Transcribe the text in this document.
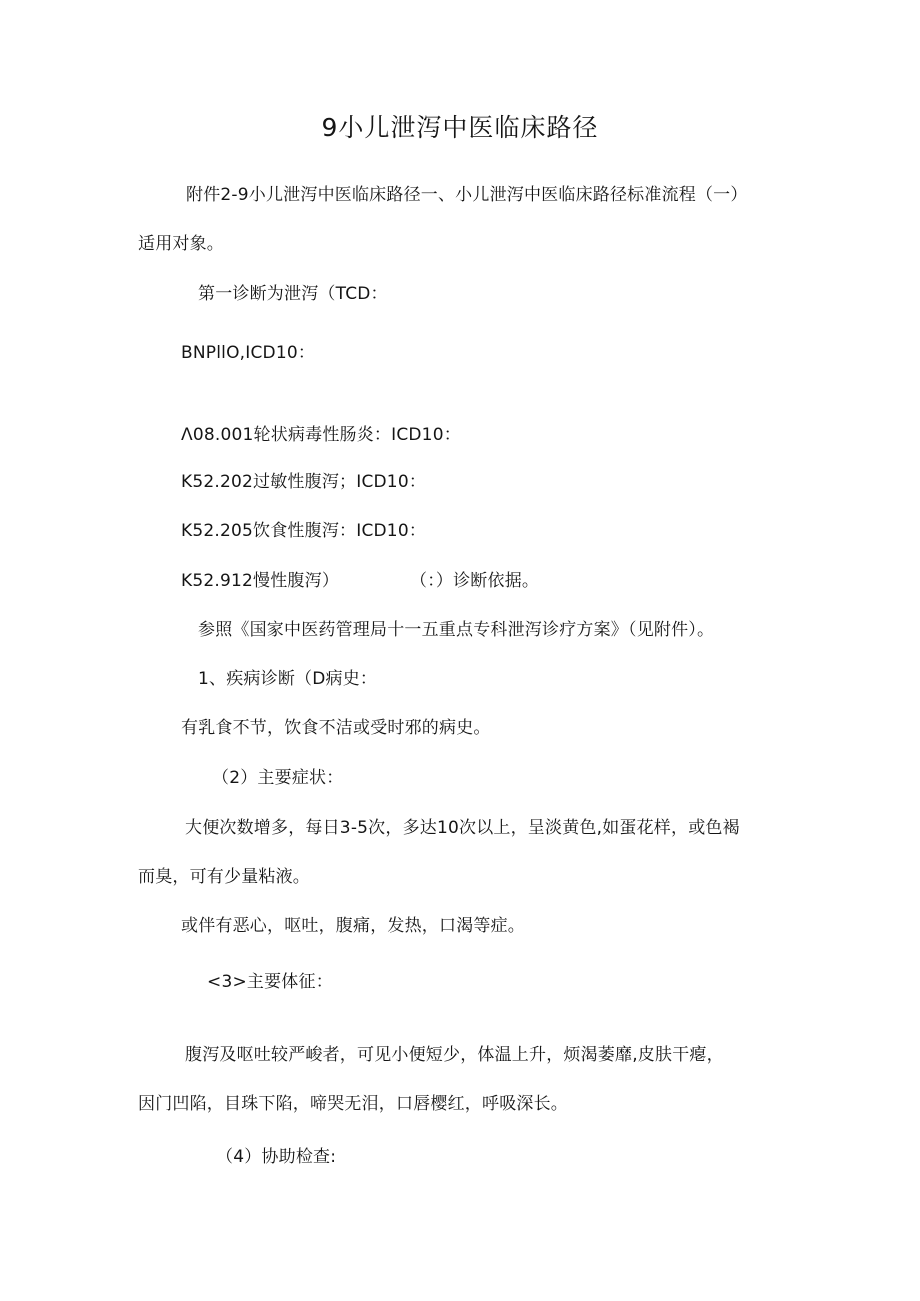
9小儿泄泻中医临床路径
附件2-9小儿泄泻中医临床路径一、小儿泄泻中医临床路径标准流程（一）
适用对象。
第一诊断为泄泻（TCD：
BNPllO,ICD10：
Λ08.001轮状病毒性肠炎：ICD10：
K52.202过敏性腹泻；ICD10：
K52.205饮食性腹泻：ICD10：
K52.912慢性腹泻）	（：）诊断依据。
参照《国家中医药管理局十一五重点专科泄泻诊疗方案》（见附件）。
1、疾病诊断（D病史：
有乳食不节，饮食不洁或受时邪的病史。
（2）主要症状：
大便次数增多，每日3-5次，多达10次以上，呈淡黄色,如蛋花样，或色褐
而臭，可有少量粘液。
或伴有恶心，呕吐，腹痛，发热，口渴等症。
<3>主要体征：
腹泻及呕吐较严峻者，可见小便短少，体温上升，烦渴萎靡,皮肤干瘪，
因门凹陷，目珠下陷，啼哭无泪，口唇樱红，呼吸深长。
（4）协助检查:
